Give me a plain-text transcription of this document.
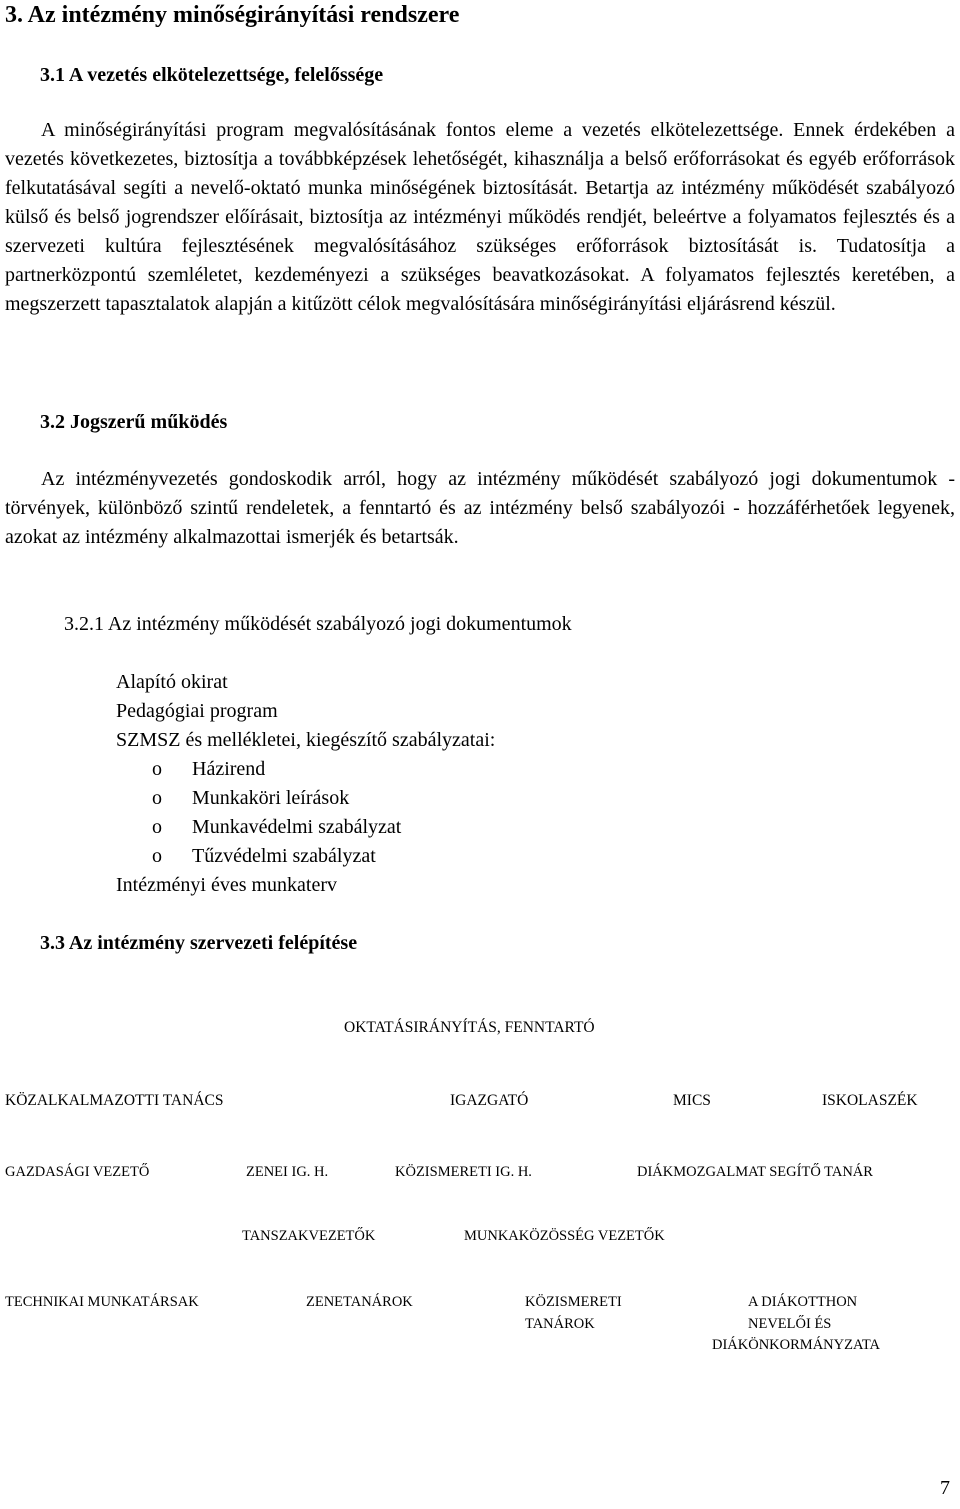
3. Az intézmény minőségirányítási rendszere
3.1 A vezetés elkötelezettsége, felelőssége

A minőségirányítási program megvalósításának fontos eleme a vezetés elkötelezettsége. Ennek érdekében a vezetés következetes, biztosítja a továbbképzések lehetőségét, kihasználja a belső erőforrásokat és egyéb erőforrások felkutatásával segíti a nevelő-oktató munka minőségének biztosítását. Betartja az intézmény működését szabályozó külső és belső jogrendszer előírásait, biztosítja az intézményi működés rendjét, beleértve a folyamatos fejlesztés és a szervezeti kultúra fejlesztésének megvalósításához szükséges erőforrások biztosítását is. Tudatosítja a partnerközpontú szemléletet, kezdeményezi a szükséges beavatkozásokat. A folyamatos fejlesztés keretében, a megszerzett tapasztalatok alapján a kitűzött célok megvalósítására minőségirányítási eljárásrend készül.

3.2 Jogszerű működés

Az intézményvezetés gondoskodik arról, hogy az intézmény működését szabályozó jogi dokumentumok - törvények, különböző szintű rendeletek, a fenntartó és az intézmény belső szabályozói - hozzáférhetőek legyenek, azokat az intézmény alkalmazottai ismerjék és betartsák.

3.2.1 Az intézmény működését szabályozó jogi dokumentumok
Alapító okirat
Pedagógiai program
SZMSZ és mellékletei, kiegészítő szabályzatai:
o Házirend
o Munkaköri leírások
o Munkavédelmi szabályzat
o Tűzvédelmi szabályzat
Intézményi éves munkaterv
3.3 Az intézmény szervezeti felépítése
OKTATÁSIRÁNYÍTÁS, FENNTARTÓ
KÖZALKALMAZOTTI TANÁCS	IGAZGATÓ	MICS	ISKOLASZÉK
GAZDASÁGI VEZETŐ	ZENEI IG. H.	KÖZISMERETI IG. H.	DIÁKMOZGALMAT SEGÍTŐ TANÁR
TANSZAKVEZETŐK	MUNKAKÖZÖSSÉG VEZETŐK
TECHNIKAI MUNKATÁRSAK	ZENETANÁROK	KÖZISMERETI
TANÁROK
A DIÁKOTTHON
NEVELŐI ÉS
DIÁKÖNKORMÁNYZATA
7
